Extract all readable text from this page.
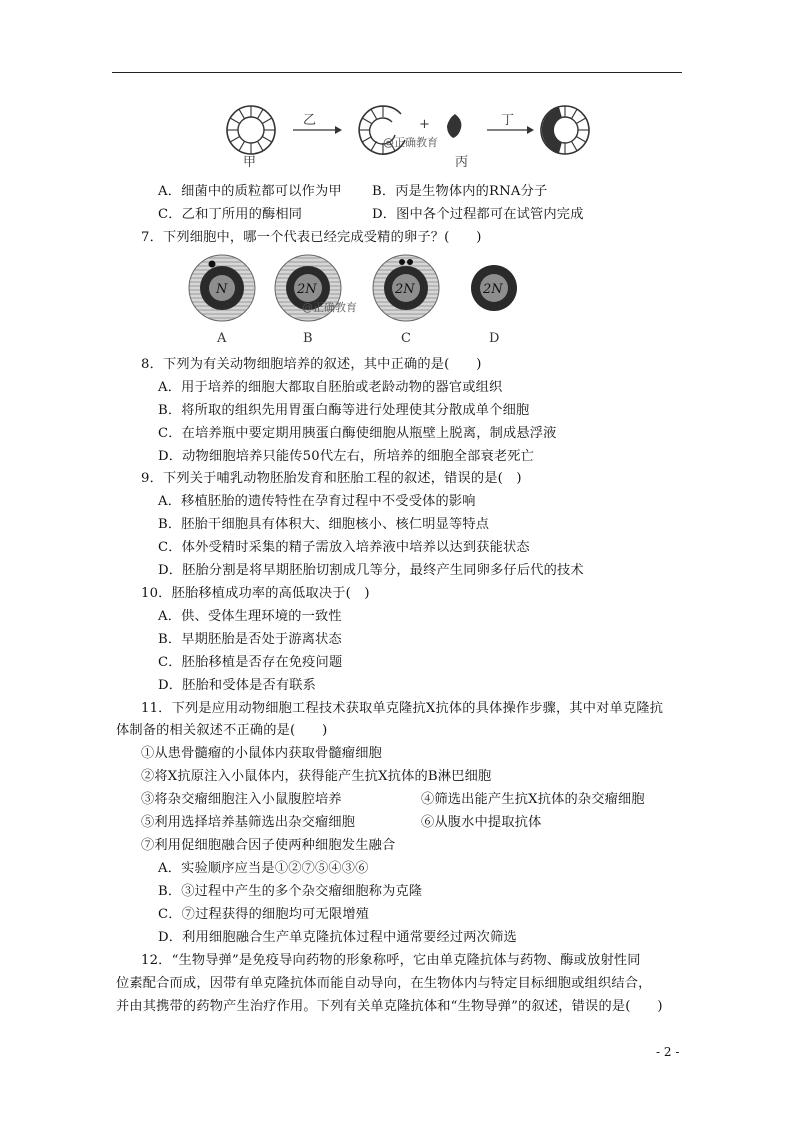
+
甲
乙
丙
丁
@正确教育
A．细菌中的质粒都可以作为甲 B．丙是生物体内的RNA分子
C．乙和丁所用的酶相同	D．图中各个过程都可在试管内完成
7．下列细胞中，哪一个代表已经完成受精的卵子？(　　)
N	2N	2N	2N
@正确教育
A	B	C	D
8．下列为有关动物细胞培养的叙述，其中正确的是(　　)
A．用于培养的细胞大都取自胚胎或老龄动物的器官或组织
B．将所取的组织先用胃蛋白酶等进行处理使其分散成单个细胞
C．在培养瓶中要定期用胰蛋白酶使细胞从瓶壁上脱离，制成悬浮液
D．动物细胞培养只能传50代左右，所培养的细胞全部衰老死亡
9．下列关于哺乳动物胚胎发育和胚胎工程的叙述，错误的是(　)
A．移植胚胎的遗传特性在孕育过程中不受受体的影响
B．胚胎干细胞具有体积大、细胞核小、核仁明显等特点
C．体外受精时采集的精子需放入培养液中培养以达到获能状态
D．胚胎分割是将早期胚胎切割成几等分，最终产生同卵多仔后代的技术
10．胚胎移植成功率的高低取决于(　)
A．供、受体生理环境的一致性
B．早期胚胎是否处于游离状态
C．胚胎移植是否存在免疫问题
D．胚胎和受体是否有联系
11．下列是应用动物细胞工程技术获取单克隆抗X抗体的具体操作步骤，其中对单克隆抗
体制备的相关叙述不正确的是(　　)
①从患骨髓瘤的小鼠体内获取骨髓瘤细胞
②将X抗原注入小鼠体内，获得能产生抗X抗体的B淋巴细胞
③将杂交瘤细胞注入小鼠腹腔培养	④筛选出能产生抗X抗体的杂交瘤细胞
⑤利用选择培养基筛选出杂交瘤细胞	⑥从腹水中提取抗体
⑦利用促细胞融合因子使两种细胞发生融合
A．实验顺序应当是①②⑦⑤④③⑥
B．③过程中产生的多个杂交瘤细胞称为克隆
C．⑦过程获得的细胞均可无限增殖
D．利用细胞融合生产单克隆抗体过程中通常要经过两次筛选
12．“生物导弹”是免疫导向药物的形象称呼，它由单克隆抗体与药物、酶或放射性同
位素配合而成，因带有单克隆抗体而能自动导向，在生物体内与特定目标细胞或组织结合，
并由其携带的药物产生治疗作用。下列有关单克隆抗体和“生物导弹”的叙述，错误的是(　　)
- 2 -
